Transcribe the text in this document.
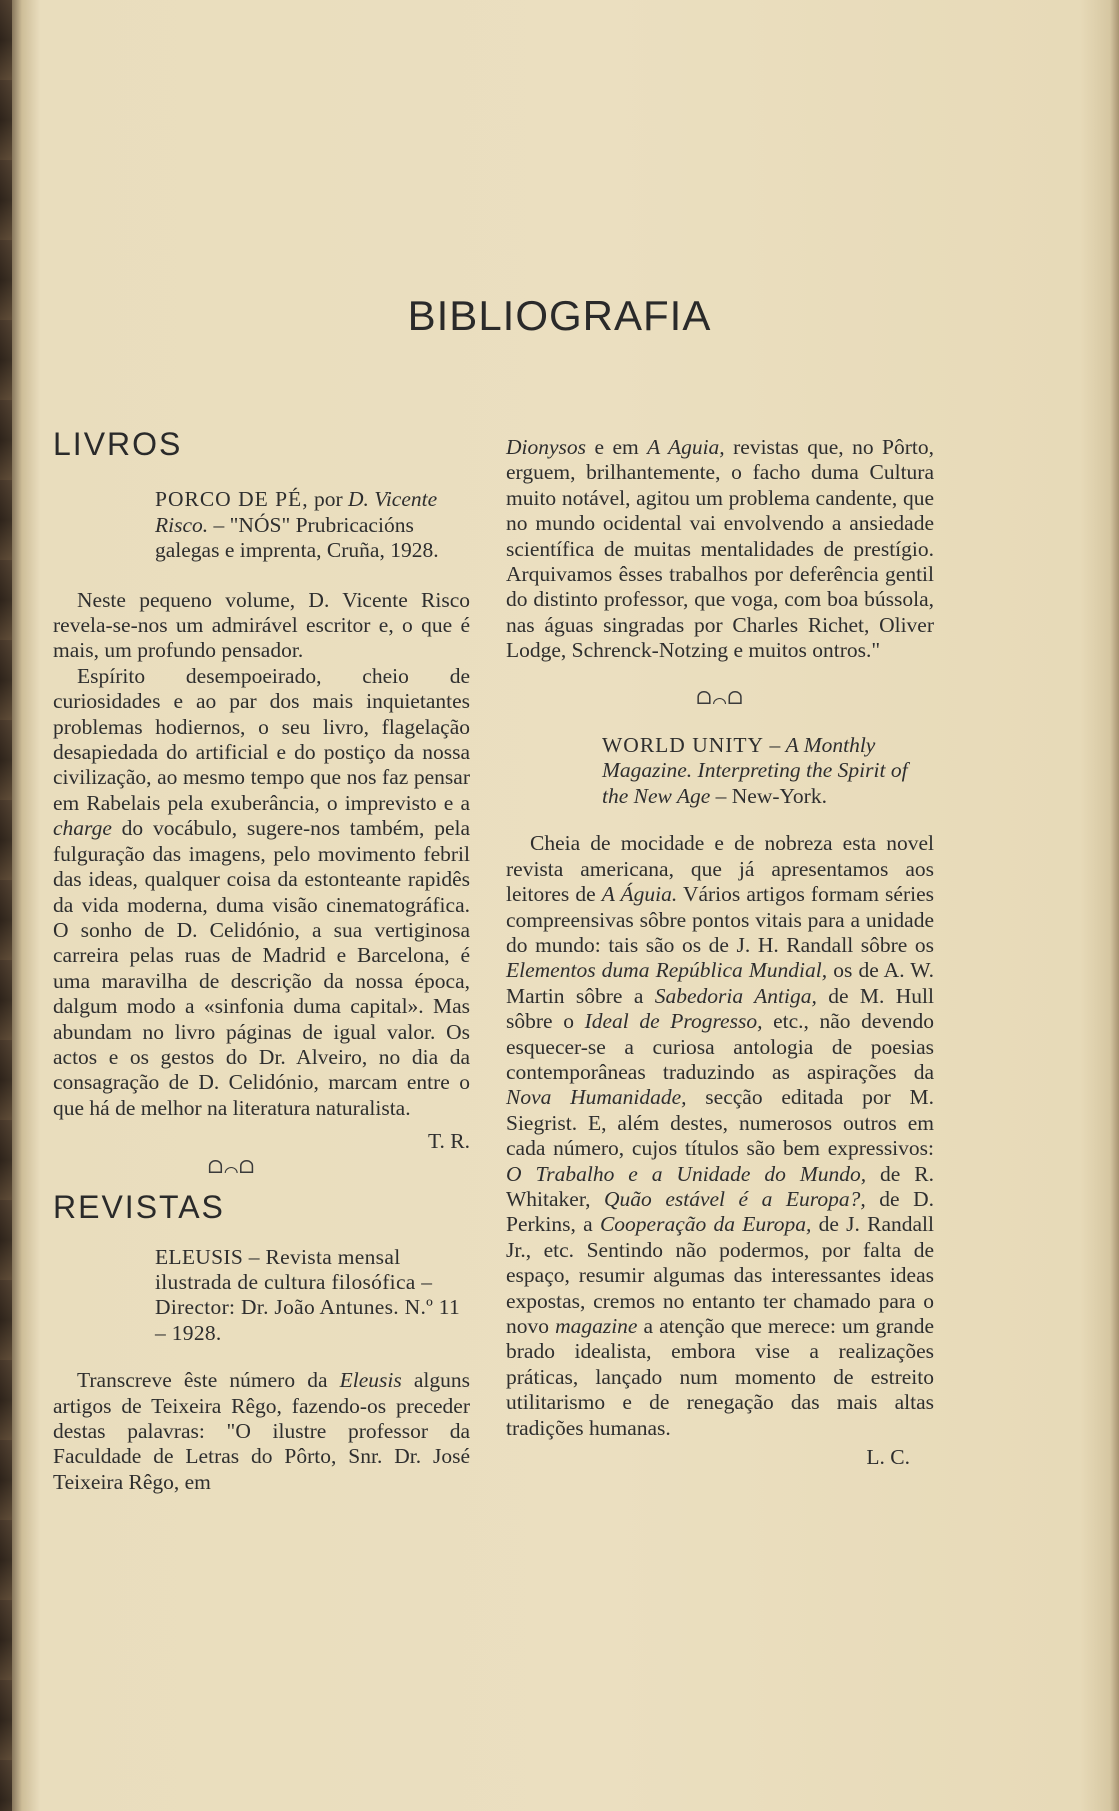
BIBLIOGRAFIA
LIVROS

PORCO DE PÉ, por D. Vicente Risco. – "NÓS" Prubricacións galegas e imprenta, Cruña, 1928.

Neste pequeno volume, D. Vicente Risco revela-se-nos um admirável escritor e, o que é mais, um profundo pensador.

Espírito desempoeirado, cheio de curiosidades e ao par dos mais inquietantes problemas hodiernos, o seu livro, flagelação desapiedada do artificial e do postiço da nossa civilização, ao mesmo tempo que nos faz pensar em Rabelais pela exuberância, o imprevisto e a charge do vocábulo, sugere-nos também, pela fulguração das imagens, pelo movimento febril das ideas, qualquer coisa da estonteante rapidês da vida moderna, duma visão cinematográfica. O sonho de D. Celidónio, a sua vertiginosa carreira pelas ruas de Madrid e Barcelona, é uma maravilha de descrição da nossa época, dalgum modo a «sinfonia duma capital». Mas abundam no livro páginas de igual valor. Os actos e os gestos do Dr. Alveiro, no dia da consagração de D. Celidónio, marcam entre o que há de melhor na literatura naturalista.

ᗝ⌒ᗝ
T. R.
REVISTAS

ELEUSIS – Revista mensal ilustrada de cultura filosófica – Director: Dr. João Antunes. N.º 11 – 1928.

Transcreve êste número da Eleusis alguns artigos de Teixeira Rêgo, fazendo-os preceder destas palavras: "O ilustre professor da Faculdade de Letras do Pôrto, Snr. Dr. José Teixeira Rêgo, em

Dionysos e em A Aguia, revistas que, no Pôrto, erguem, brilhantemente, o facho duma Cultura muito notável, agitou um problema candente, que no mundo ocidental vai envolvendo a ansiedade scientífica de muitas mentalidades de prestígio. Arquivamos êsses trabalhos por deferência gentil do distinto professor, que voga, com boa bússola, nas águas singradas por Charles Richet, Oliver Lodge, Schrenck-Notzing e muitos ontros."

ᗝ⌒ᗝ

WORLD UNITY – A Monthly Magazine. Interpreting the Spirit of the New Age – New-York.

Cheia de mocidade e de nobreza esta novel revista americana, que já apresentamos aos leitores de A Águia. Vários artigos formam séries compreensivas sôbre pontos vitais para a unidade do mundo: tais são os de J. H. Randall sôbre os Elementos duma República Mundial, os de A. W. Martin sôbre a Sabedoria Antiga, de M. Hull sôbre o Ideal de Progresso, etc., não devendo esquecer-se a curiosa antologia de poesias contemporâneas traduzindo as aspirações da Nova Humanidade, secção editada por M. Siegrist. E, além destes, numerosos outros em cada número, cujos títulos são bem expressivos: O Trabalho e a Unidade do Mundo, de R. Whitaker, Quão estável é a Europa?, de D. Perkins, a Cooperação da Europa, de J. Randall Jr., etc. Sentindo não podermos, por falta de espaço, resumir algumas das interessantes ideas expostas, cremos no entanto ter chamado para o novo magazine a atenção que merece: um grande brado idealista, embora vise a realizações práticas, lançado num momento de estreito utilitarismo e de renegação das mais altas tradições humanas.

L. C.
